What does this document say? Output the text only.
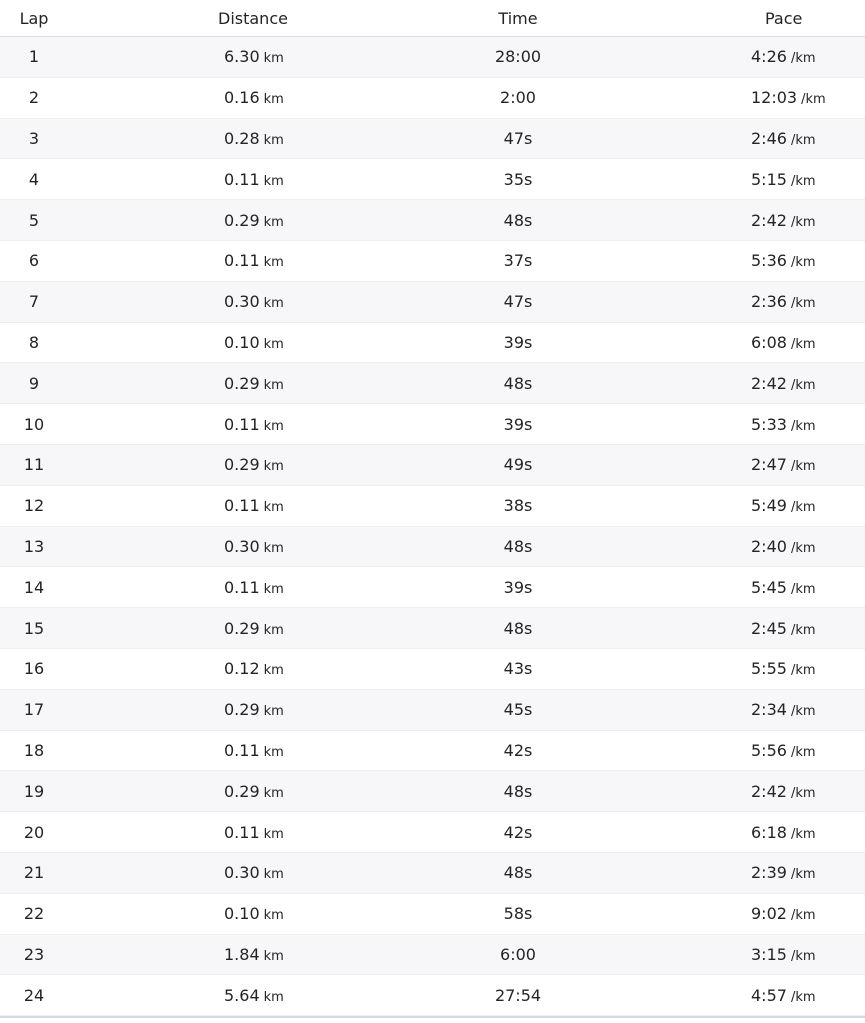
Lap	Distance	Time	Pace
1	6.30 km	28:00	4:26 /km
2	0.16 km	2:00	12:03 /km
3	0.28 km	47s	2:46 /km
4	0.11 km	35s	5:15 /km
5	0.29 km	48s	2:42 /km
6	0.11 km	37s	5:36 /km
7	0.30 km	47s	2:36 /km
8	0.10 km	39s	6:08 /km
9	0.29 km	48s	2:42 /km
10	0.11 km	39s	5:33 /km
11	0.29 km	49s	2:47 /km
12	0.11 km	38s	5:49 /km
13	0.30 km	48s	2:40 /km
14	0.11 km	39s	5:45 /km
15	0.29 km	48s	2:45 /km
16	0.12 km	43s	5:55 /km
17	0.29 km	45s	2:34 /km
18	0.11 km	42s	5:56 /km
19	0.29 km	48s	2:42 /km
20	0.11 km	42s	6:18 /km
21	0.30 km	48s	2:39 /km
22	0.10 km	58s	9:02 /km
23	1.84 km	6:00	3:15 /km
24	5.64 km	27:54	4:57 /km
